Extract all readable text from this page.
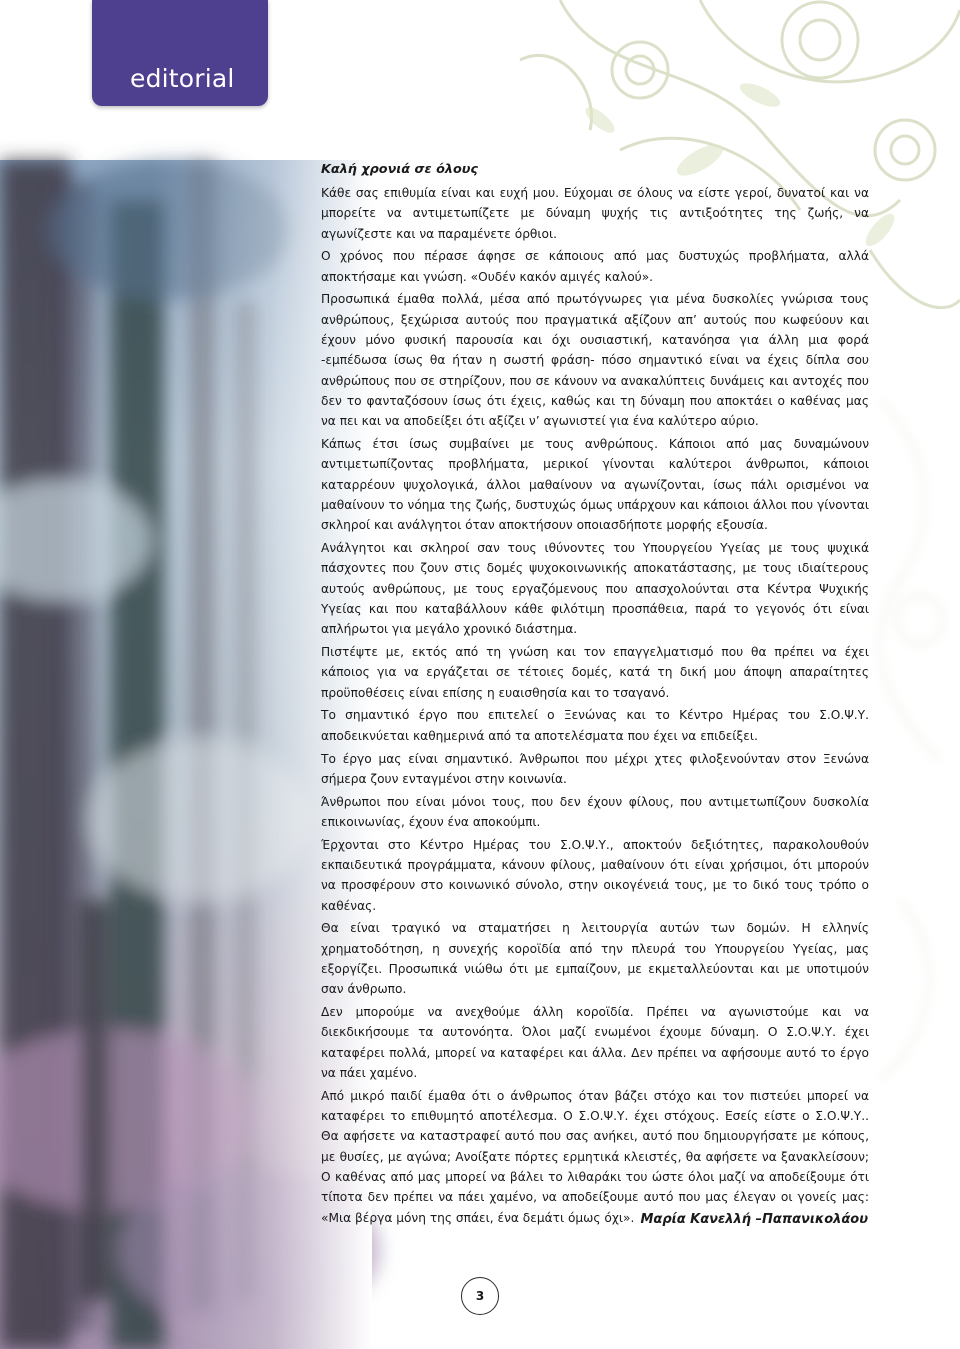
editorial
Καλή χρονιά σε όλους

Κάθε σας επιθυμία είναι και ευχή μου. Εύχομαι σε όλους να είστε γεροί, δυνατοί και να μπορείτε να αντιμετωπίζετε με δύναμη ψυχής τις αντιξοότητες της ζωής, να αγωνίζεστε και να παραμένετε όρθιοι.

Ο χρόνος που πέρασε άφησε σε κάποιους από μας δυστυχώς προβλήματα, αλλά αποκτήσαμε και γνώση. «Ουδέν κακόν αμιγές καλού».

Προσωπικά έμαθα πολλά, μέσα από πρωτόγνωρες για μένα δυσκολίες γνώρισα τους ανθρώπους, ξεχώρισα αυτούς που πραγματικά αξίζουν απ’ αυτούς που κωφεύουν και έχουν μόνο φυσική παρουσία και όχι ουσιαστική, κατανόησα για άλλη μια φορά -εμπέδωσα ίσως θα ήταν η σωστή φράση- πόσο σημαντικό είναι να έχεις δίπλα σου ανθρώπους που σε στηρίζουν, που σε κάνουν να ανακαλύπτεις δυνάμεις και αντοχές που δεν το φανταζόσουν ίσως ότι έχεις, καθώς και τη δύναμη που αποκτάει ο καθένας μας να πει και να αποδείξει ότι αξίζει ν’ αγωνιστεί για ένα καλύτερο αύριο.

Κάπως έτσι ίσως συμβαίνει με τους ανθρώπους. Κάποιοι από μας δυναμώνουν αντιμετωπίζοντας προβλήματα, μερικοί γίνονται καλύτεροι άνθρωποι, κάποιοι καταρρέουν ψυχολογικά, άλλοι μαθαίνουν να αγωνίζονται, ίσως πάλι ορισμένοι να μαθαίνουν το νόημα της ζωής, δυστυχώς όμως υπάρχουν και κάποιοι άλλοι που γίνονται σκληροί και ανάλγητοι όταν αποκτήσουν οποιασδήποτε μορφής εξουσία.

Ανάλγητοι και σκληροί σαν τους ιθύνοντες του Υπουργείου Υγείας με τους ψυχικά πάσχοντες που ζουν στις δομές ψυχοκοινωνικής αποκατάστασης, με τους ιδιαίτερους αυτούς ανθρώπους, με τους εργαζόμενους που απασχολούνται στα Κέντρα Ψυχικής Υγείας και που καταβάλλουν κάθε φιλότιμη προσπάθεια, παρά το γεγονός ότι είναι απλήρωτοι για μεγάλο χρονικό διάστημα.

Πιστέψτε με, εκτός από τη γνώση και τον επαγγελματισμό που θα πρέπει να έχει κάποιος για να εργάζεται σε τέτοιες δομές, κατά τη δική μου άποψη απαραίτητες προϋποθέσεις είναι επίσης η ευαισθησία και το τσαγανό.

Το σημαντικό έργο που επιτελεί ο Ξενώνας και το Κέντρο Ημέρας του Σ.Ο.Ψ.Υ. αποδεικνύεται καθημερινά από τα αποτελέσματα που έχει να επιδείξει.

Το έργο μας είναι σημαντικό. Άνθρωποι που μέχρι χτες φιλοξενούνταν στον Ξενώνα σήμερα ζουν ενταγμένοι στην κοινωνία.

Άνθρωποι που είναι μόνοι τους, που δεν έχουν φίλους, που αντιμετωπίζουν δυσκολία επικοινωνίας, έχουν ένα αποκούμπι.

Έρχονται στο Κέντρο Ημέρας του Σ.Ο.Ψ.Υ., αποκτούν δεξιότητες, παρακολουθούν εκπαιδευτικά προγράμματα, κάνουν φίλους, μαθαίνουν ότι είναι χρήσιμοι, ότι μπορούν να προσφέρουν στο κοινωνικό σύνολο, στην οικογένειά τους, με το δικό τους τρόπο ο καθένας.

Θα είναι τραγικό να σταματήσει η λειτουργία αυτών των δομών. Η ελληνίς χρηματοδότηση, η συνεχής κοροϊδία από την πλευρά του Υπουργείου Υγείας, μας εξοργίζει. Προσωπικά νιώθω ότι με εμπαίζουν, με εκμεταλλεύονται και με υποτιμούν σαν άνθρωπο.

Δεν μπορούμε να ανεχθούμε άλλη κοροϊδία. Πρέπει να αγωνιστούμε και να διεκδικήσουμε τα αυτονόητα. Όλοι μαζί ενωμένοι έχουμε δύναμη. Ο Σ.Ο.Ψ.Υ. έχει καταφέρει πολλά, μπορεί να καταφέρει και άλλα. Δεν πρέπει να αφήσουμε αυτό το έργο να πάει χαμένο.

Από μικρό παιδί έμαθα ότι ο άνθρωπος όταν βάζει στόχο και τον πιστεύει μπορεί να καταφέρει το επιθυμητό αποτέλεσμα. Ο Σ.Ο.Ψ.Υ. έχει στόχους. Εσείς είστε ο Σ.Ο.Ψ.Υ.. Θα αφήσετε να καταστραφεί αυτό που σας ανήκει, αυτό που δημιουργήσατε με κόπους, με θυσίες, με αγώνα; Ανοίξατε πόρτες ερμητικά κλειστές, θα αφήσετε να ξανακλείσουν; Ο καθένας από μας μπορεί να βάλει το λιθαράκι του ώστε όλοι μαζί να αποδείξουμε ότι τίποτα δεν πρέπει να πάει χαμένο, να αποδείξουμε αυτό που μας έλεγαν οι γονείς μας: «Μια βέργα μόνη της σπάει, ένα δεμάτι όμως όχι». Μαρία Κανελλή –Παπανικολάου
3
